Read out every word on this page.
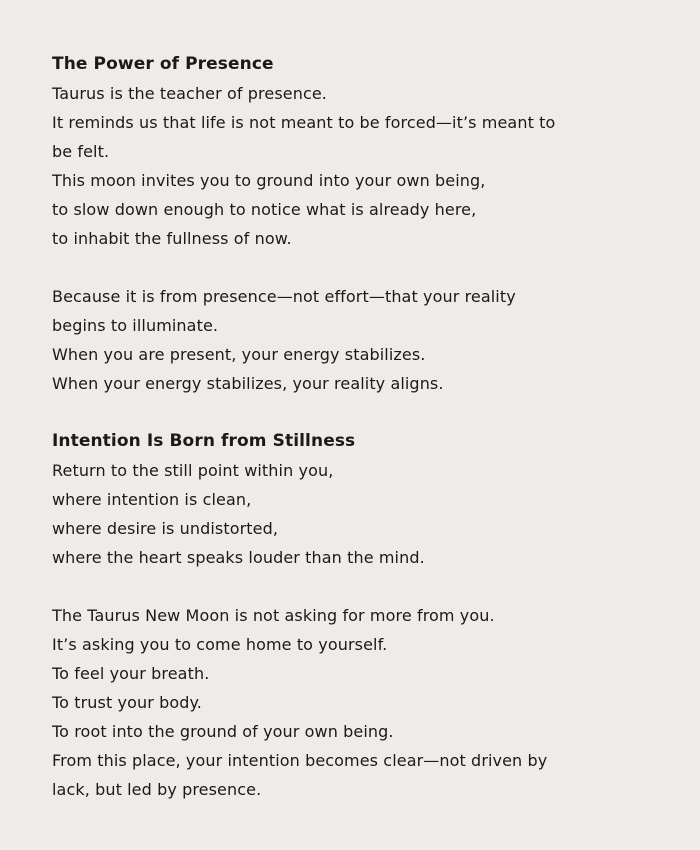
The Power of Presence
Taurus is the teacher of presence.
It reminds us that life is not meant to be forced—it’s meant to be felt.
This moon invites you to ground into your own being,
to slow down enough to notice what is already here,
to inhabit the fullness of now.
Because it is from presence—not effort—that your reality begins to illuminate.
When you are present, your energy stabilizes.
When your energy stabilizes, your reality aligns.
Intention Is Born from Stillness
Return to the still point within you,
where intention is clean,
where desire is undistorted,
where the heart speaks louder than the mind.
The Taurus New Moon is not asking for more from you.
It’s asking you to come home to yourself.
To feel your breath.
To trust your body.
To root into the ground of your own being.
From this place, your intention becomes clear—not driven by lack, but led by presence.
